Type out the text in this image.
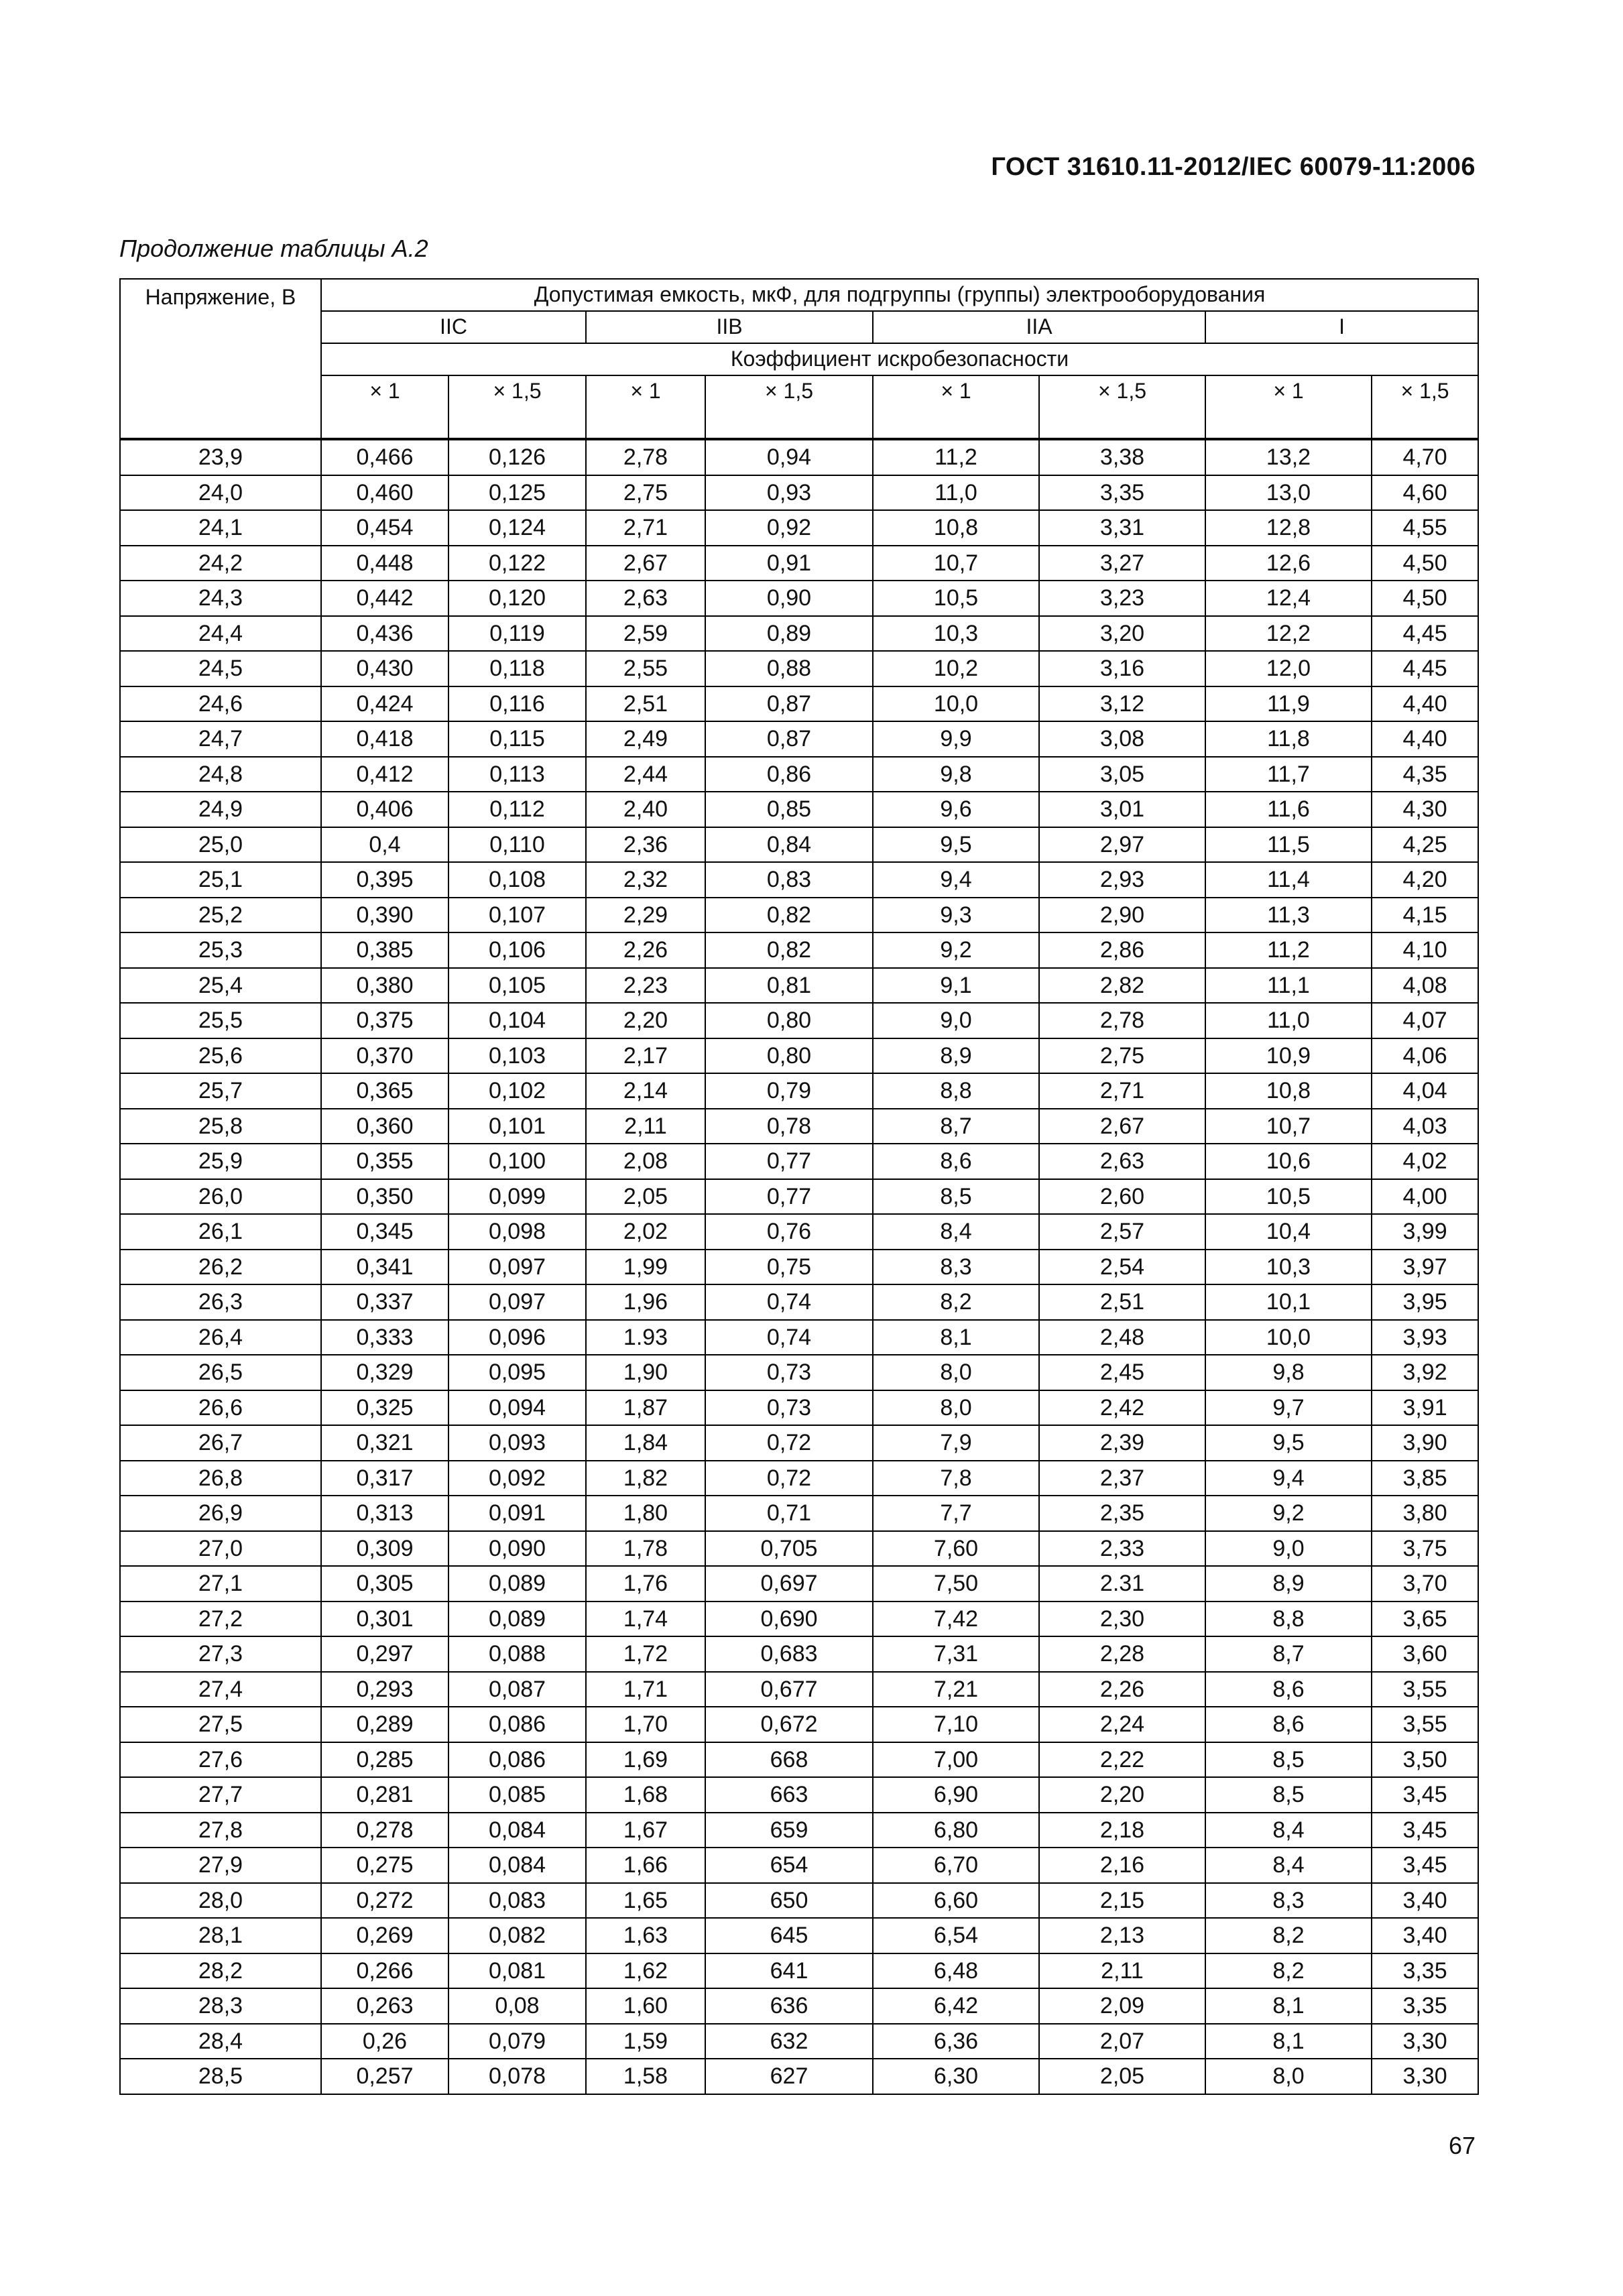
ГОСТ 31610.11-2012/IEC 60079-11:2006
Продолжение таблицы А.2
Напряжение, В	Допустимая емкость, мкФ, для подгруппы (группы) электрооборудования							
	IIC		IIB		IIA		I	
	Коэффициент искробезопасности							
	× 1	× 1,5	× 1	× 1,5	× 1	× 1,5	× 1	× 1,5

23,9	0,466	0,126	2,78	0,94	11,2	3,38	13,2	4,70
24,0	0,460	0,125	2,75	0,93	11,0	3,35	13,0	4,60
24,1	0,454	0,124	2,71	0,92	10,8	3,31	12,8	4,55
24,2	0,448	0,122	2,67	0,91	10,7	3,27	12,6	4,50
24,3	0,442	0,120	2,63	0,90	10,5	3,23	12,4	4,50
24,4	0,436	0,119	2,59	0,89	10,3	3,20	12,2	4,45
24,5	0,430	0,118	2,55	0,88	10,2	3,16	12,0	4,45
24,6	0,424	0,116	2,51	0,87	10,0	3,12	11,9	4,40
24,7	0,418	0,115	2,49	0,87	9,9	3,08	11,8	4,40
24,8	0,412	0,113	2,44	0,86	9,8	3,05	11,7	4,35
24,9	0,406	0,112	2,40	0,85	9,6	3,01	11,6	4,30
25,0	0,4	0,110	2,36	0,84	9,5	2,97	11,5	4,25
25,1	0,395	0,108	2,32	0,83	9,4	2,93	11,4	4,20
25,2	0,390	0,107	2,29	0,82	9,3	2,90	11,3	4,15
25,3	0,385	0,106	2,26	0,82	9,2	2,86	11,2	4,10
25,4	0,380	0,105	2,23	0,81	9,1	2,82	11,1	4,08
25,5	0,375	0,104	2,20	0,80	9,0	2,78	11,0	4,07
25,6	0,370	0,103	2,17	0,80	8,9	2,75	10,9	4,06
25,7	0,365	0,102	2,14	0,79	8,8	2,71	10,8	4,04
25,8	0,360	0,101	2,11	0,78	8,7	2,67	10,7	4,03
25,9	0,355	0,100	2,08	0,77	8,6	2,63	10,6	4,02
26,0	0,350	0,099	2,05	0,77	8,5	2,60	10,5	4,00
26,1	0,345	0,098	2,02	0,76	8,4	2,57	10,4	3,99
26,2	0,341	0,097	1,99	0,75	8,3	2,54	10,3	3,97
26,3	0,337	0,097	1,96	0,74	8,2	2,51	10,1	3,95
26,4	0,333	0,096	1.93	0,74	8,1	2,48	10,0	3,93
26,5	0,329	0,095	1,90	0,73	8,0	2,45	9,8	3,92
26,6	0,325	0,094	1,87	0,73	8,0	2,42	9,7	3,91
26,7	0,321	0,093	1,84	0,72	7,9	2,39	9,5	3,90
26,8	0,317	0,092	1,82	0,72	7,8	2,37	9,4	3,85
26,9	0,313	0,091	1,80	0,71	7,7	2,35	9,2	3,80
27,0	0,309	0,090	1,78	0,705	7,60	2,33	9,0	3,75
27,1	0,305	0,089	1,76	0,697	7,50	2.31	8,9	3,70
27,2	0,301	0,089	1,74	0,690	7,42	2,30	8,8	3,65
27,3	0,297	0,088	1,72	0,683	7,31	2,28	8,7	3,60
27,4	0,293	0,087	1,71	0,677	7,21	2,26	8,6	3,55
27,5	0,289	0,086	1,70	0,672	7,10	2,24	8,6	3,55
27,6	0,285	0,086	1,69	668	7,00	2,22	8,5	3,50
27,7	0,281	0,085	1,68	663	6,90	2,20	8,5	3,45
27,8	0,278	0,084	1,67	659	6,80	2,18	8,4	3,45
27,9	0,275	0,084	1,66	654	6,70	2,16	8,4	3,45
28,0	0,272	0,083	1,65	650	6,60	2,15	8,3	3,40
28,1	0,269	0,082	1,63	645	6,54	2,13	8,2	3,40
28,2	0,266	0,081	1,62	641	6,48	2,11	8,2	3,35
28,3	0,263	0,08	1,60	636	6,42	2,09	8,1	3,35
28,4	0,26	0,079	1,59	632	6,36	2,07	8,1	3,30
28,5	0,257	0,078	1,58	627	6,30	2,05	8,0	3,30
67
